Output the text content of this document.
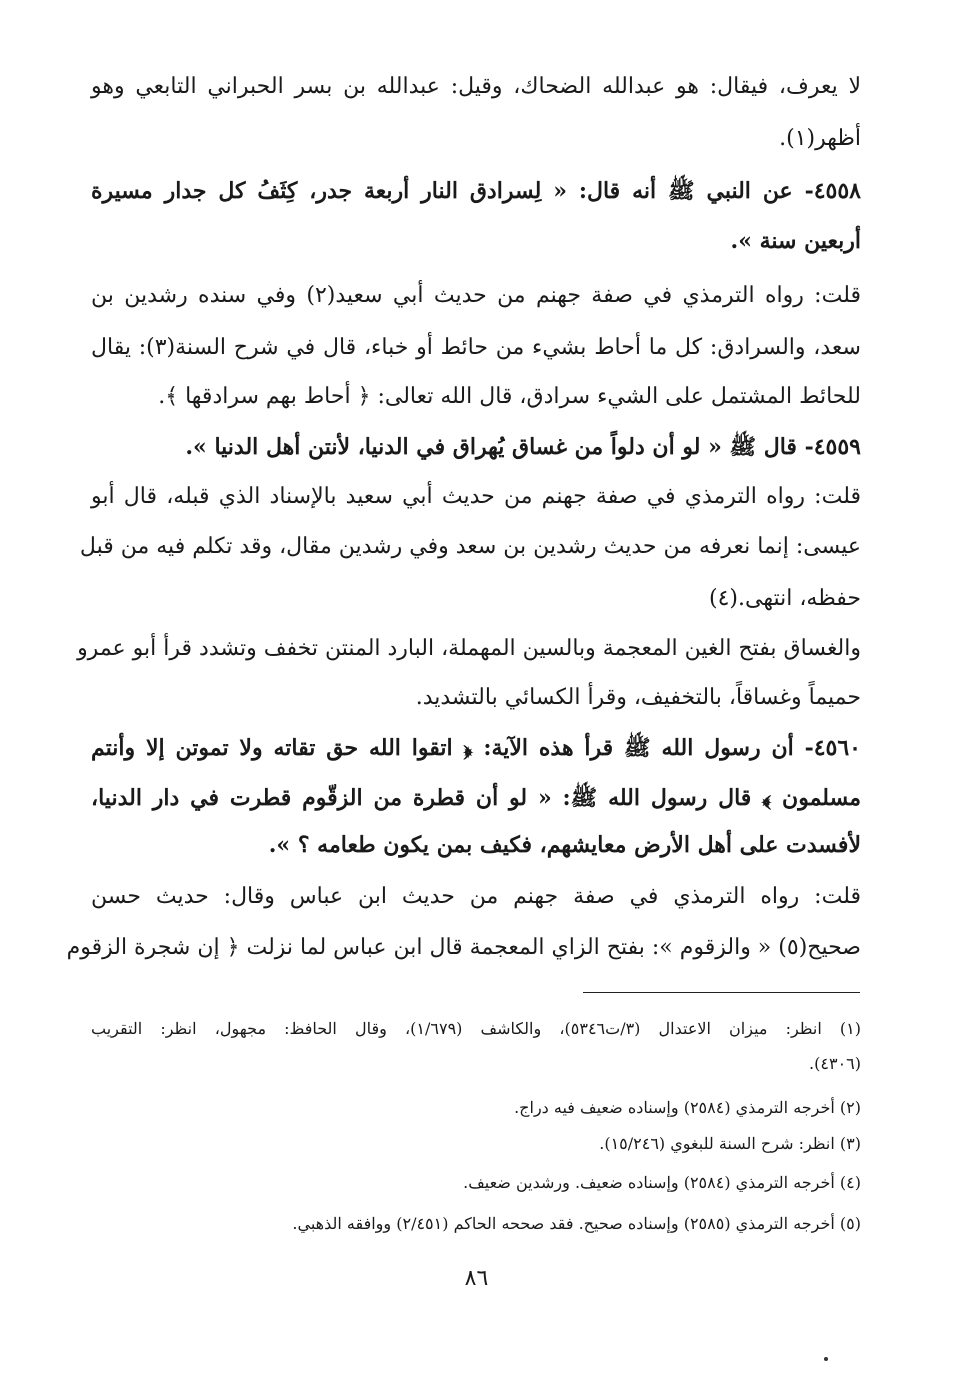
لا يعرف، فيقال: هو عبدالله الضحاك، وقيل: عبدالله بن بسر الحبراني التابعي وهو
أظهر(١).
٤٥٥٨- عن النبي ﷺ أنه قال: « لِسرادق النار أربعة جدر، كِثَفُ كل جدار مسيرة
أربعين سنة ».
قلت: رواه الترمذي في صفة جهنم من حديث أبي سعيد(٢) وفي سنده رشدين بن
سعد، والسرادق: كل ما أحاط بشيء من حائط أو خباء، قال في شرح السنة(٣): يقال
للحائط المشتمل على الشيء سرادق، قال الله تعالى: ﴿ أحاط بهم سرادقها ﴾.
٤٥٥٩- قال ﷺ « لو أن دلواً من غساق يُهراق في الدنيا، لأنتن أهل الدنيا ».
قلت: رواه الترمذي في صفة جهنم من حديث أبي سعيد بالإسناد الذي قبله، قال أبو
عيسى: إنما نعرفه من حديث رشدين بن سعد وفي رشدين مقال، وقد تكلم فيه من قبل
حفظه، انتهى.(٤)
والغساق بفتح الغين المعجمة وبالسين المهملة، البارد المنتن تخفف وتشدد قرأ أبو عمرو
حميماً وغساقاً، بالتخفيف، وقرأ الكسائي بالتشديد.
٤٥٦٠- أن رسول الله ﷺ قرأ هذه الآية: ﴿ اتقوا الله حق تقاته ولا تموتن إلا وأنتم
مسلمون ﴾ قال رسول الله ﷺ: « لو أن قطرة من الزقّوم قطرت في دار الدنيا،
لأفسدت على أهل الأرض معايشهم، فكيف بمن يكون طعامه ؟ ».
قلت: رواه الترمذي في صفة جهنم من حديث ابن عباس وقال: حديث حسن
صحيح(٥) « والزقوم »: بفتح الزاي المعجمة قال ابن عباس لما نزلت ﴿ إن شجرة الزقوم
(١) انظر: ميزان الاعتدال (٣/ت٥٣٤٦)، والكاشف (١/٦٧٩)، وقال الحافظ: مجهول، انظر: التقريب
(٤٣٠٦).
(٢) أخرجه الترمذي (٢٥٨٤) وإسناده ضعيف فيه دراج.
(٣) انظر: شرح السنة للبغوي (١٥/٢٤٦).
(٤) أخرجه الترمذي (٢٥٨٤) وإسناده ضعيف. ورشدين ضعيف.
(٥) أخرجه الترمذي (٢٥٨٥) وإسناده صحيح. فقد صححه الحاكم (٢/٤٥١) ووافقه الذهبي.
٨٦
